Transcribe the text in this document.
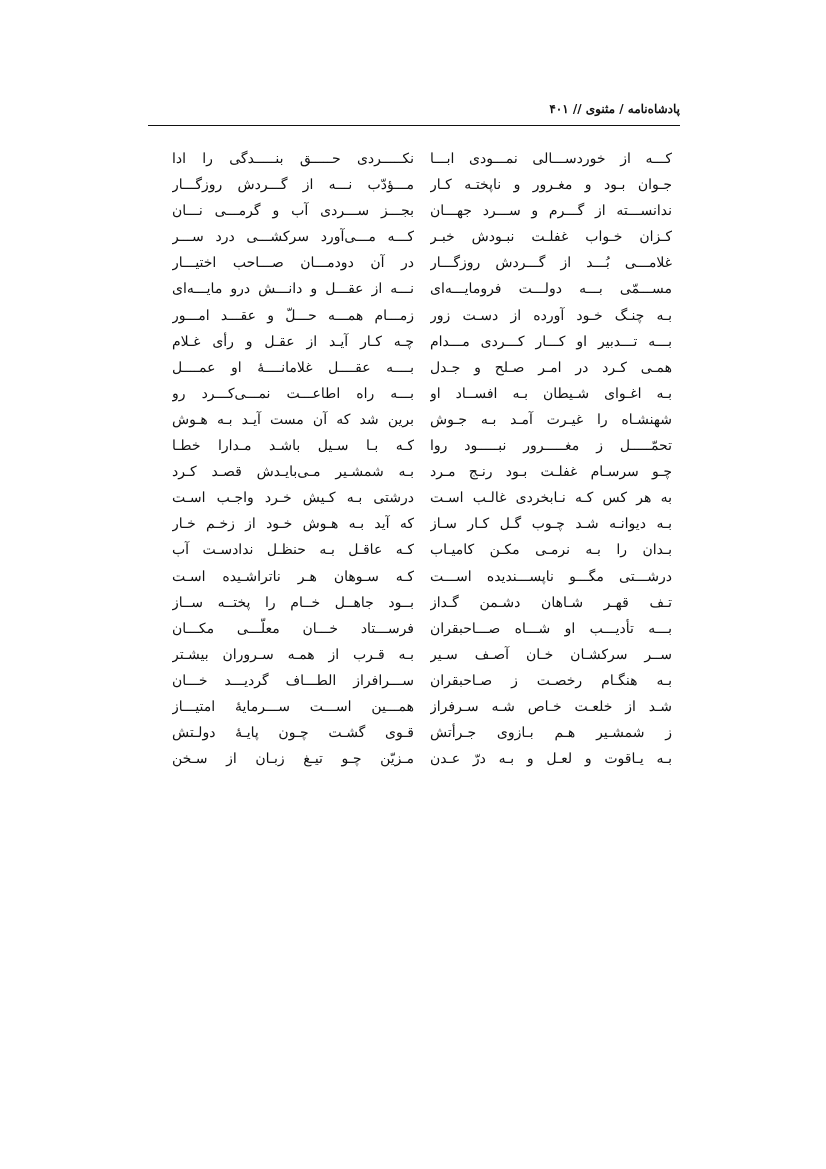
پادشاه‌نامه / مثنوی // ۴۰۱
کـــه از خوردســـالی نمـــودی ابـــا
جـوان بـود و مغـرور و ناپختـه کـار
ندانســـته از گـــرم و ســـرد جهـــان
کـزان خـواب غفلـت نبـودش خبـر
غلامـــی بُـــد از گـــردش روزگـــار
مســـمّی بـــه دولـــت فرومایـــه‌ای
بـه چنـگ خـود آورده از دسـت زور
بـــه تـــدبیر او کـــار کـــردی مـــدام
همـی کـرد در امـر صـلح و جـدل
بـه اغـوای شـیطان بـه افســاد او
شهنشـاه را غیـرت آمـد بـه جـوش
تحمّـــــل ز مغـــــرور نبـــــود روا
چـو سرسـام غفلـت بـود رنـج مـرد
به هر کس کـه نـابخردی غالـب اسـت
بـه دیوانـه شـد چـوب گـل کـار سـاز
بـدان را بـه نرمـی مکـن کامیـاب
درشـــتی مگـــو ناپســـندیده اســـت
تـف قهـر شـاهان دشـمن گـداز
بـــه تأدیـــب او شـــاه صـــاحبقران
ســر سرکشـان خـان آصـف سـیر
بـه هنگـام رخصـت ز صـاحبقران
شـد از خلعـت خـاص شـه سـرفراز
ز شمشـیر هـم بـازوی جـرأتش
بـه یـاقوت و لعـل و بـه درّ عـدن
نکـــــردی حـــــق بنـــــدگی را ادا
مـــؤدّب نـــه از گـــردش روزگـــار
بجـــز ســـردی آب و گرمـــی نـــان
کـــه مـــی‌آورد سرکشـــی درد ســـر
در آن دودمـــان صـــاحب اختیـــار
نـــه از عقـــل و دانـــش درو مایـــه‌ای
زمـــام همـــه حـــلّ و عقـــد امـــور
چـه کـار آیـد از عقـل و رأی غـلام
بــــه عقــــل غلامانــــهٔ او عمــــل
بـــه راه اطاعـــت نمـــی‌کـــرد رو
برین شد که آن مست آیـد بـه هـوش
کـه بـا سـیل باشـد مـدارا خطـا
بـه شمشـیر مـی‌بایـدش قصـد کـرد
درشتی بـه کـیش خـرد واجـب اسـت
که آید بـه هـوش خـود از زخـم خـار
کـه عاقـل بـه حنظـل ندادسـت آب
کـه سـوهان هـر ناتراشـیده اسـت
بــود جاهــل خــام را پختــه ســاز
فرســـتاد خـــان معلّـــی مکـــان
بـه قـرب از همـه سـروران بیشـتر
ســـرافراز الطـــاف گردیـــد خـــان
همـــین اســـت ســـرمایهٔ امتیـــاز
قـوی گشـت چـون پایـهٔ دولـتش
مـزیّن چـو تیـغ زبـان از سـخن
